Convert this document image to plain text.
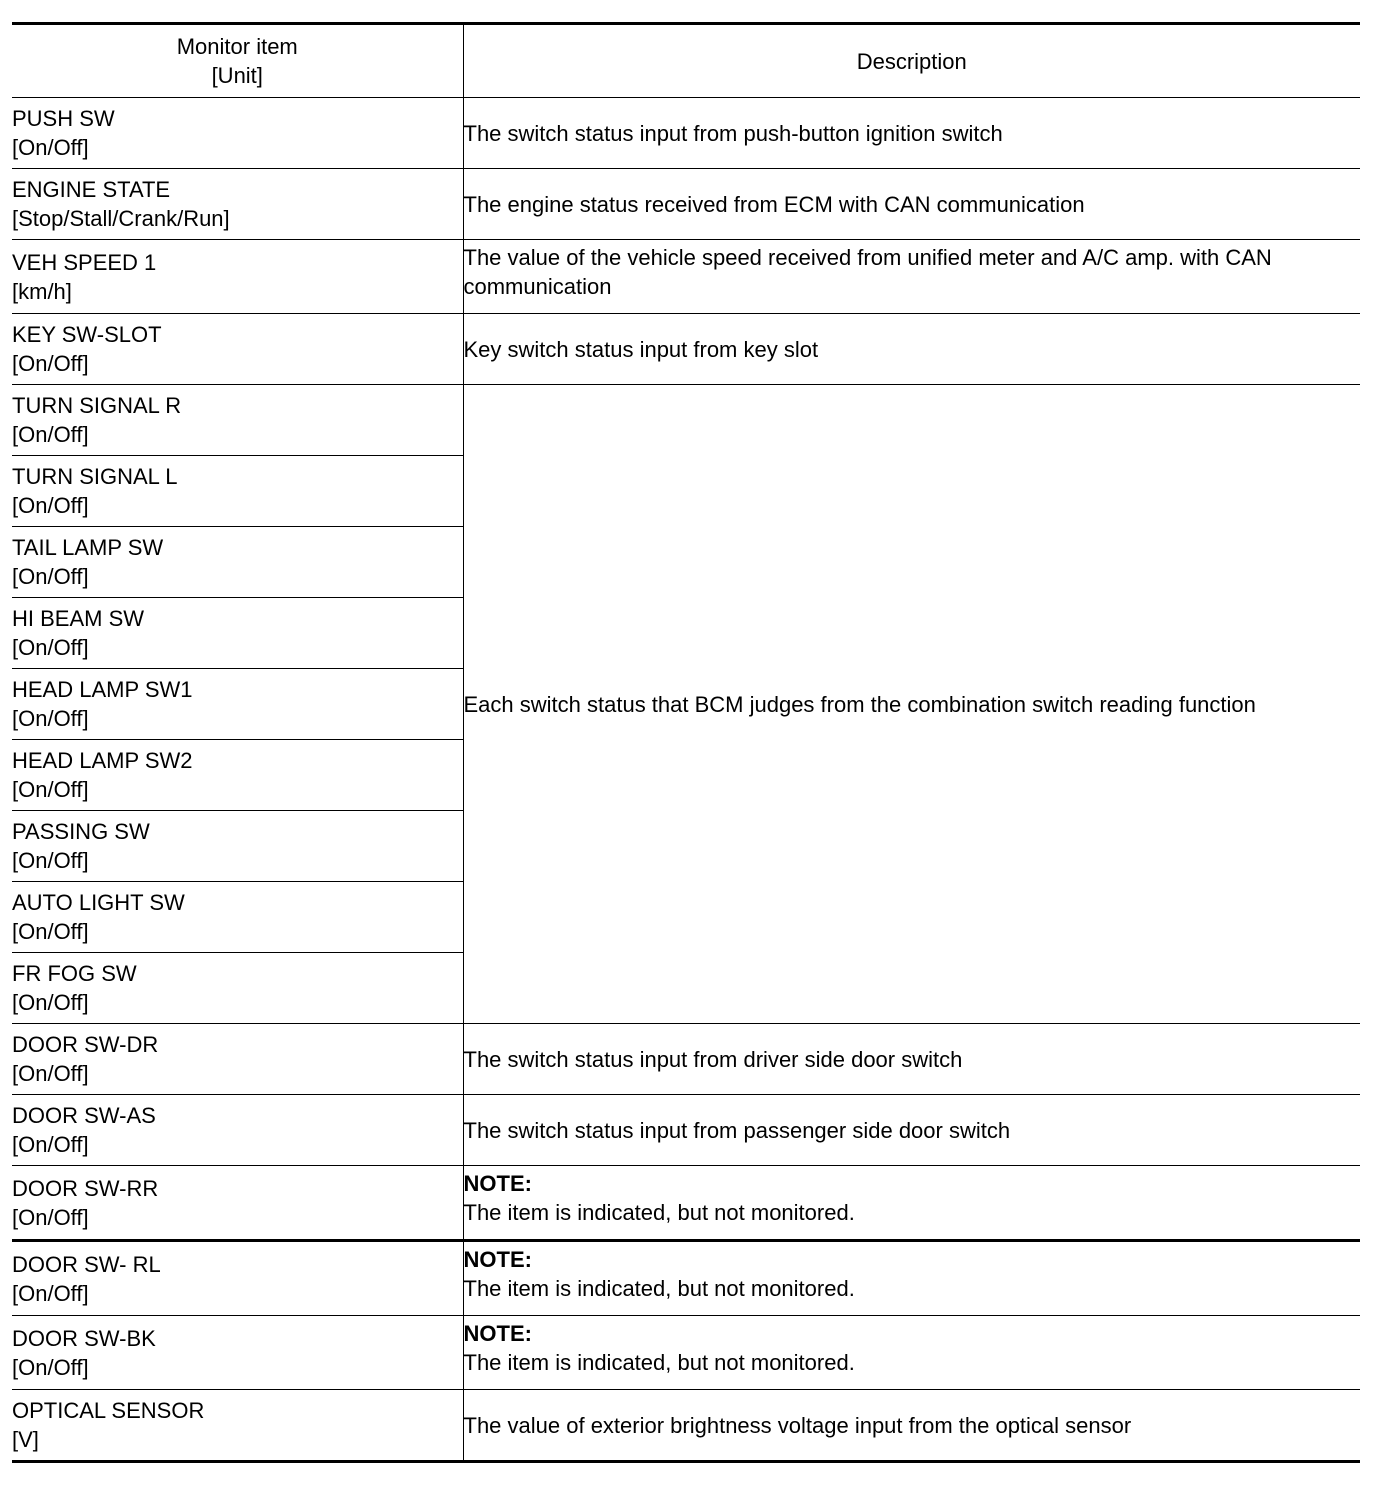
Monitor item
[Unit]	Description

PUSH SW
[On/Off]	The switch status input from push-button ignition switch

ENGINE STATE
[Stop/Stall/Crank/Run]	The engine status received from ECM with CAN communication

VEH SPEED 1
[km/h]	The value of the vehicle speed received from unified meter and A/C amp. with CAN communication

KEY SW-SLOT
[On/Off]	Key switch status input from key slot

TURN SIGNAL R
[On/Off]	Each switch status that BCM judges from the combination switch reading function

TURN SIGNAL L
[On/Off]	

TAIL LAMP SW
[On/Off]	

HI BEAM SW
[On/Off]	

HEAD LAMP SW1
[On/Off]	

HEAD LAMP SW2
[On/Off]	

PASSING SW
[On/Off]	

AUTO LIGHT SW
[On/Off]	

FR FOG SW
[On/Off]	

DOOR SW-DR
[On/Off]	The switch status input from driver side door switch

DOOR SW-AS
[On/Off]	The switch status input from passenger side door switch

DOOR SW-RR
[On/Off]	NOTE:
The item is indicated, but not monitored.

DOOR SW- RL
[On/Off]	NOTE:
The item is indicated, but not monitored.

DOOR SW-BK
[On/Off]	NOTE:
The item is indicated, but not monitored.

OPTICAL SENSOR
[V]	The value of exterior brightness voltage input from the optical sensor
